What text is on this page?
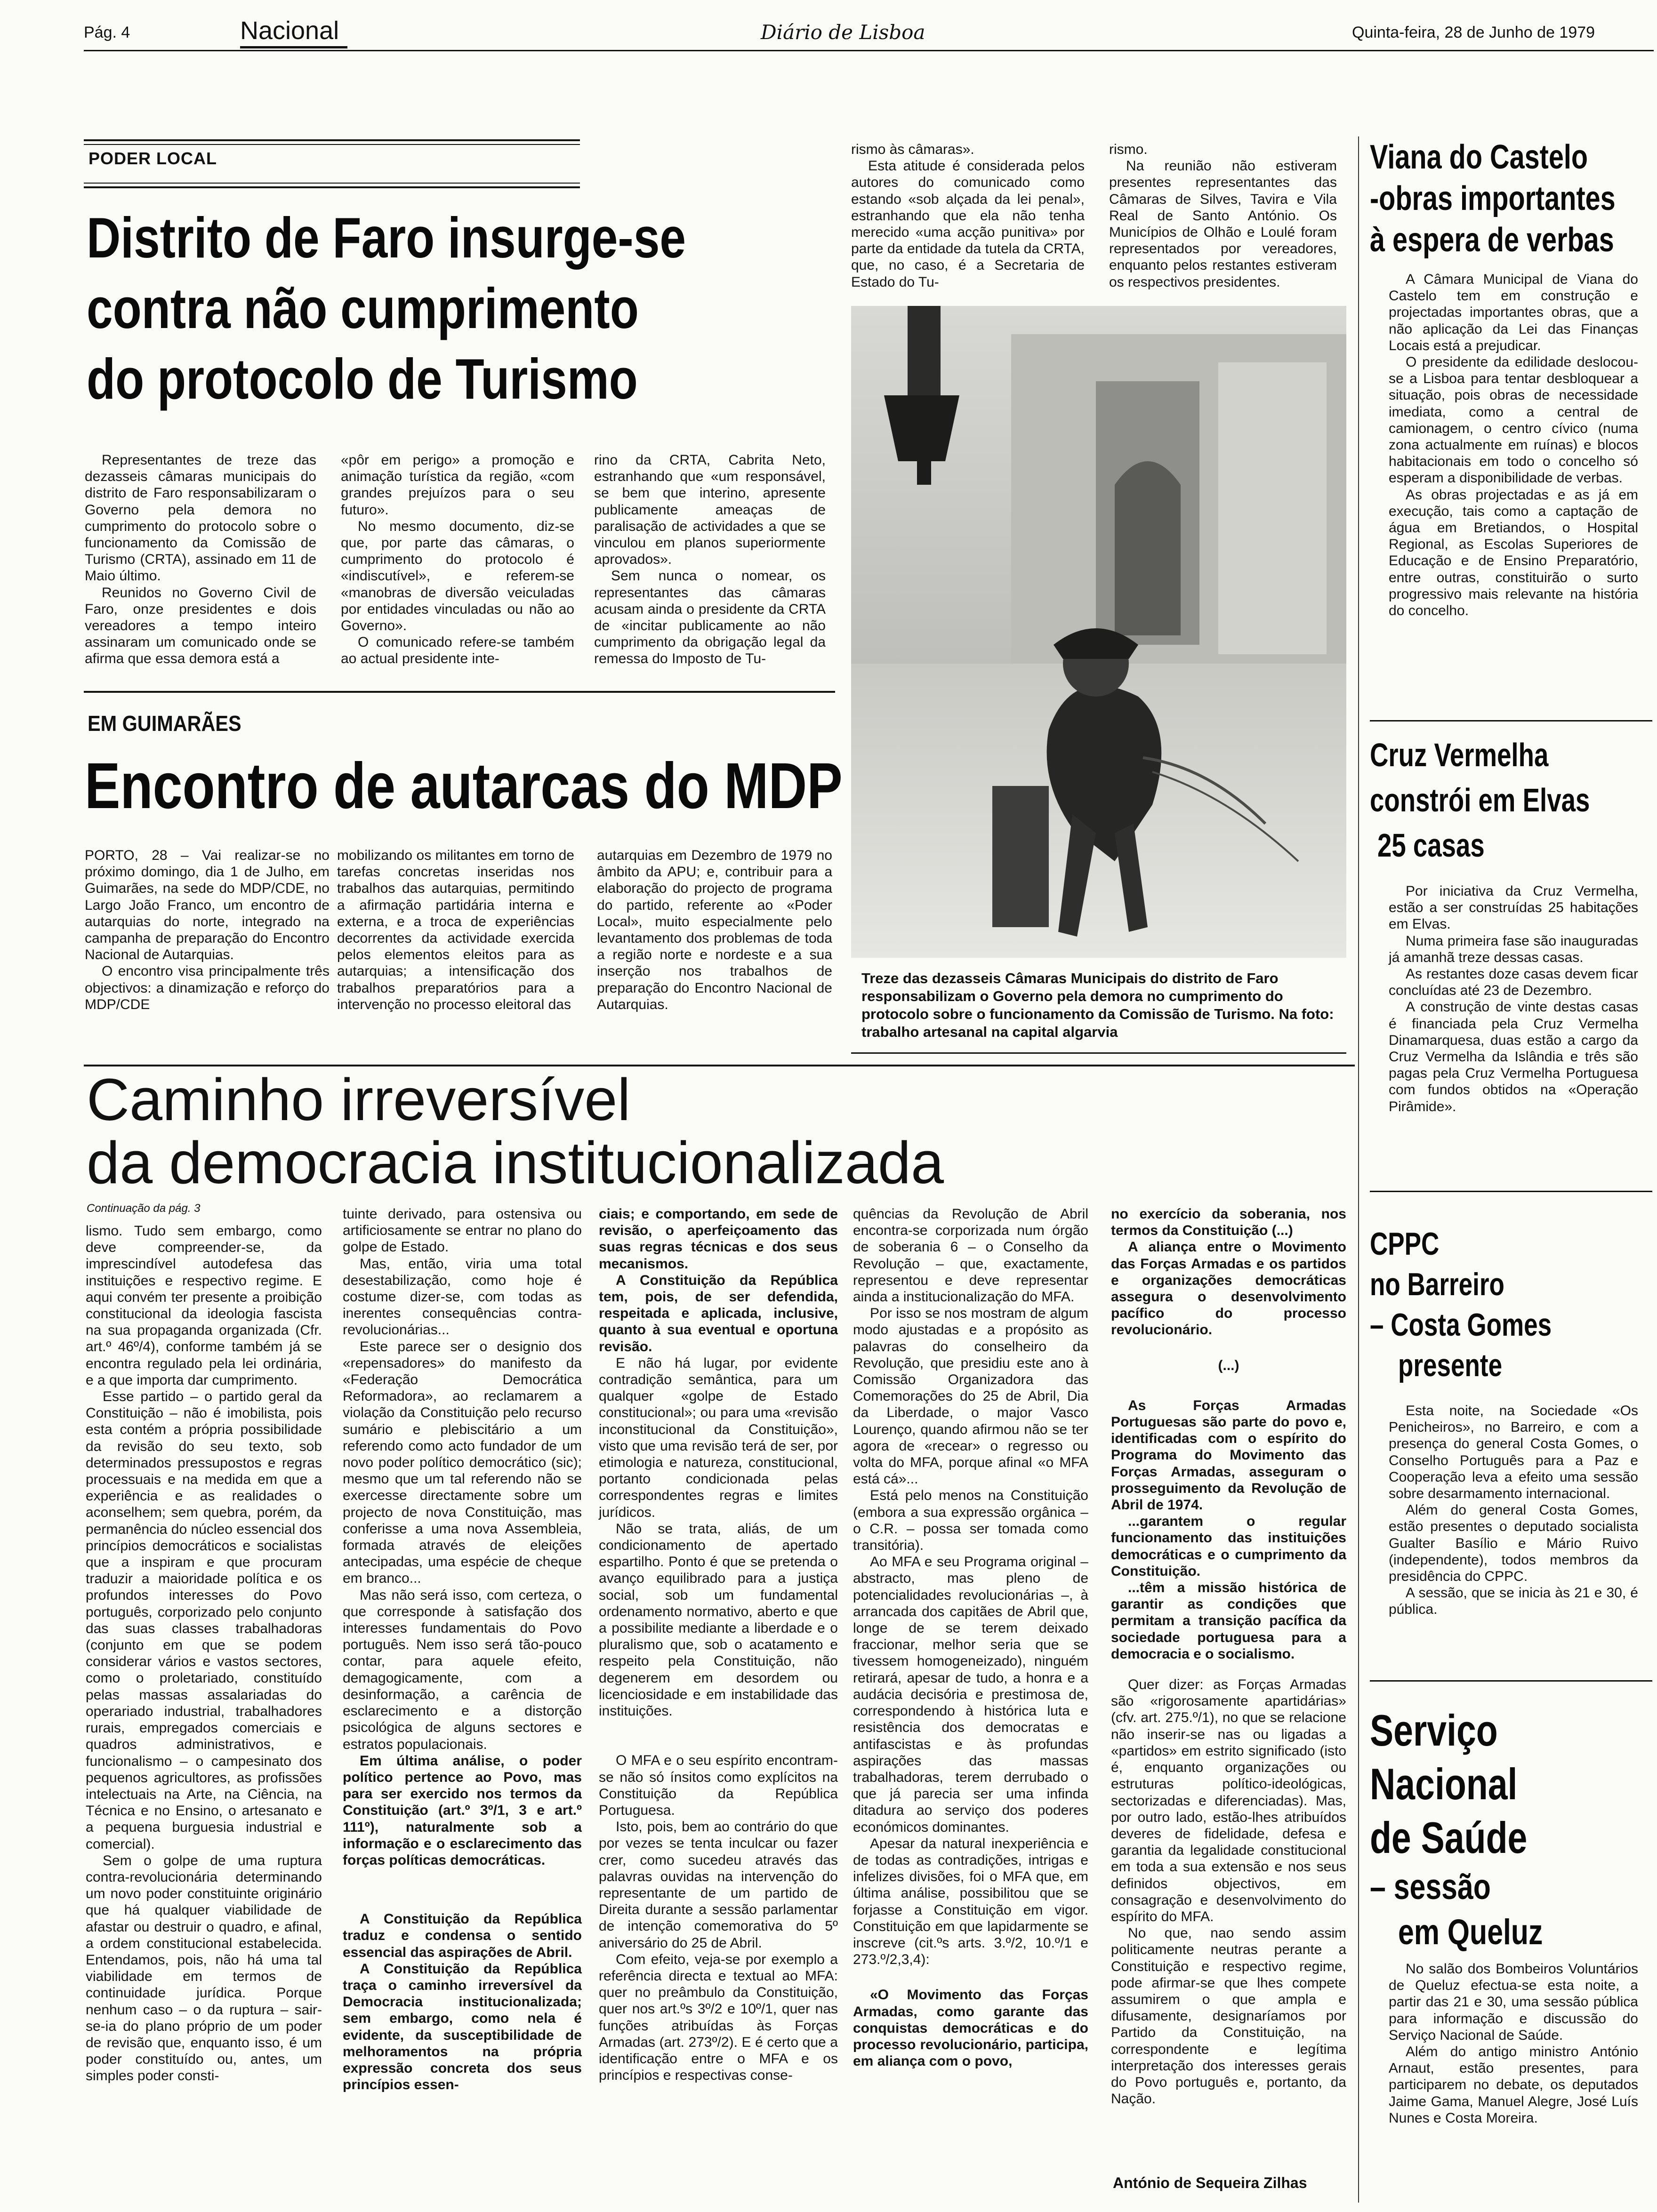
Pág. 4	Nacional	Diário de Lisboa	Quinta-feira, 28 de Junho de 1979
PODER LOCAL
Distrito de Faro insurge-se
contra não cumprimento
do protocolo de Turismo

Representantes de treze das dezasseis câmaras municipais do distrito de Faro responsabilizaram o Governo pela demora no cumprimento do protocolo sobre o funcionamento da Comissão de Turismo (CRTA), assinado em 11 de Maio último.

Reunidos no Governo Civil de Faro, onze presidentes e dois vereadores a tempo inteiro assinaram um comunicado onde se afirma que essa demora está a

«pôr em perigo» a promoção e animação turística da região, «com grandes prejuízos para o seu futuro».

No mesmo documento, diz-se que, por parte das câmaras, o cumprimento do protocolo é «indiscutível», e referem-se «manobras de diversão veiculadas por entidades vinculadas ou não ao Governo».

O comunicado refere-se também ao actual presidente inte-

rino da CRTA, Cabrita Neto, estranhando que «um responsável, se bem que interino, apresente publicamente ameaças de paralisação de actividades a que se vinculou em planos superiormente aprovados».

Sem nunca o nomear, os representantes das câmaras acusam ainda o presidente da CRTA de «incitar publicamente ao não cumprimento da obrigação legal da remessa do Imposto de Tu-

rismo às câmaras».

Esta atitude é considerada pelos autores do comunicado como estando «sob alçada da lei penal», estranhando que ela não tenha merecido «uma acção punitiva» por parte da entidade da tutela da CRTA, que, no caso, é a Secretaria de Estado do Tu-

rismo.

Na reunião não estiveram presentes representantes das Câmaras de Silves, Tavira e Vila Real de Santo António. Os Municípios de Olhão e Loulé foram representados por vereadores, enquanto pelos restantes estiveram os respectivos presidentes.

Treze das dezasseis Câmaras Municipais do distrito de Faro responsabilizam o Governo pela demora no cumprimento do protocolo sobre o funcionamento da Comissão de Turismo. Na foto: trabalho artesanal na capital algarvia
EM GUIMARÃES
Encontro de autarcas do MDP

PORTO, 28 – Vai realizar-se no próximo domingo, dia 1 de Julho, em Guimarães, na sede do MDP/CDE, no Largo João Franco, um encontro de autarquias do norte, integrado na campanha de preparação do Encontro Nacional de Autarquias.

O encontro visa principalmente três objectivos: a dinamização e reforço do MDP/CDE

mobilizando os militantes em torno de tarefas concretas inseridas nos trabalhos das autarquias, permitindo a afirmação partidária interna e externa, e a troca de experiências decorrentes da actividade exercida pelos elementos eleitos para as autarquias; a intensificação dos trabalhos preparatórios para a intervenção no processo eleitoral das

autarquias em Dezembro de 1979 no âmbito da APU; e, contribuir para a elaboração do projecto de programa do partido, referente ao «Poder Local», muito especialmente pelo levantamento dos problemas de toda a região norte e nordeste e a sua inserção nos trabalhos de preparação do Encontro Nacional de Autarquias.

Caminho irreversível
da democracia institucionalizada
Continuação da pág. 3

lismo. Tudo sem embargo, como deve compreender-se, da imprescindível autodefesa das instituições e respectivo regime. E aqui convém ter presente a proibição constitucional da ideologia fascista na sua propaganda organizada (Cfr. art.º 46º/4), conforme também já se encontra regulado pela lei ordinária, e a que importa dar cumprimento.

Esse partido – o partido geral da Constituição – não é imobilista, pois esta contém a própria possibilidade da revisão do seu texto, sob determinados pressupostos e regras processuais e na medida em que a experiência e as realidades o aconselhem; sem quebra, porém, da permanência do núcleo essencial dos princípios democráticos e socialistas que a inspiram e que procuram traduzir a maioridade política e os profundos interesses do Povo português, corporizado pelo conjunto das suas classes trabalhadoras (conjunto em que se podem considerar vários e vastos sectores, como o proletariado, constituído pelas massas assalariadas do operariado industrial, trabalhadores rurais, empregados comerciais e quadros administrativos, e funcionalismo – o campesinato dos pequenos agricultores, as profissões intelectuais na Arte, na Ciência, na Técnica e no Ensino, o artesanato e a pequena burguesia industrial e comercial).

Sem o golpe de uma ruptura contra-revolucionária determinando um novo poder constituinte originário que há qualquer viabilidade de afastar ou destruir o quadro, e afinal, a ordem constitucional estabelecida. Entendamos, pois, não há uma tal viabilidade em termos de continuidade jurídica. Porque nenhum caso – o da ruptura – sair-se-ia do plano próprio de um poder de revisão que, enquanto isso, é um poder constituído ou, antes, um simples poder consti-

tuinte derivado, para ostensiva ou artificiosamente se entrar no plano do golpe de Estado.

Mas, então, viria uma total desestabilização, como hoje é costume dizer-se, com todas as inerentes consequências contra-revolucionárias...

Este parece ser o designio dos «repensadores» do manifesto da «Federação Democrática Reformadora», ao reclamarem a violação da Constituição pelo recurso sumário e plebiscitário a um referendo como acto fundador de um novo poder político democrático (sic); mesmo que um tal referendo não se exercesse directamente sobre um projecto de nova Constituição, mas conferisse a uma nova Assembleia, formada através de eleições antecipadas, uma espécie de cheque em branco...

Mas não será isso, com certeza, o que corresponde à satisfação dos interesses fundamentais do Povo português. Nem isso será tão-pouco contar, para aquele efeito, demagogicamente, com a desinformação, a carência de esclarecimento e a distorção psicológica de alguns sectores e estratos populacionais.

Em última análise, o poder político pertence ao Povo, mas para ser exercido nos termos da Constituição (art.º 3º/1, 3 e art.º 111º), naturalmente sob a informação e o esclarecimento das forças políticas democráticas.

A Constituição da República traduz e condensa o sentido essencial das aspirações de Abril.

A Constituição da República traça o caminho irreversível da Democracia institucionalizada; sem embargo, como nela é evidente, da susceptibilidade de melhoramentos na própria expressão concreta dos seus princípios essen-

ciais; e comportando, em sede de revisão, o aperfeiçoamento das suas regras técnicas e dos seus mecanismos.

A Constituição da República tem, pois, de ser defendida, respeitada e aplicada, inclusive, quanto à sua eventual e oportuna revisão.

E não há lugar, por evidente contradição semântica, para um qualquer «golpe de Estado constitucional»; ou para uma «revisão inconstitucional da Constituição», visto que uma revisão terá de ser, por etimologia e natureza, constitucional, portanto condicionada pelas correspondentes regras e limites jurídicos.

Não se trata, aliás, de um condicionamento de apertado espartilho. Ponto é que se pretenda o avanço equilibrado para a justiça social, sob um fundamental ordenamento normativo, aberto e que a possibilite mediante a liberdade e o pluralismo que, sob o acatamento e respeito pela Constituição, não degenerem em desordem ou licenciosidade e em instabilidade das instituições.

O MFA e o seu espírito encontram-se não só ínsitos como explícitos na Constituição da República Portuguesa.

Isto, pois, bem ao contrário do que por vezes se tenta inculcar ou fazer crer, como sucedeu através das palavras ouvidas na intervenção do representante de um partido de Direita durante a sessão parlamentar de intenção comemorativa do 5º aniversário do 25 de Abril.

Com efeito, veja-se por exemplo a referência directa e textual ao MFA: quer no preâmbulo da Constituição, quer nos art.ºs 3º/2 e 10º/1, quer nas funções atribuídas às Forças Armadas (art. 273º/2). E é certo que a identificação entre o MFA e os princípios e respectivas conse-

quências da Revolução de Abril encontra-se corporizada num órgão de soberania 6 – o Conselho da Revolução – que, exactamente, representou e deve representar ainda a institucionalização do MFA.

Por isso se nos mostram de algum modo ajustadas e a propósito as palavras do conselheiro da Revolução, que presidiu este ano à Comissão Organizadora das Comemorações do 25 de Abril, Dia da Liberdade, o major Vasco Lourenço, quando afirmou não se ter agora de «recear» o regresso ou volta do MFA, porque afinal «o MFA está cá»...

Está pelo menos na Constituição (embora a sua expressão orgânica – o C.R. – possa ser tomada como transitória).

Ao MFA e seu Programa original – abstracto, mas pleno de potencialidades revolucionárias –, à arrancada dos capitães de Abril que, longe de se terem deixado fraccionar, melhor seria que se tivessem homogeneizado), ninguém retirará, apesar de tudo, a honra e a audácia decisória e prestimosa de, correspondendo à histórica luta e resistência dos democratas e antifascistas e às profundas aspirações das massas trabalhadoras, terem derrubado o que já parecia ser uma infinda ditadura ao serviço dos poderes económicos dominantes.

Apesar da natural inexperiência e de todas as contradições, intrigas e infelizes divisões, foi o MFA que, em última análise, possibilitou que se forjasse a Constituição em vigor. Constituição em que lapidarmente se inscreve (cit.ºs arts. 3.º/2, 10.º/1 e 273.º/2,3,4):

«O Movimento das Forças Armadas, como garante das conquistas democráticas e do processo revolucionário, participa, em aliança com o povo,

no exercício da soberania, nos termos da Constituição (...)

A aliança entre o Movimento das Forças Armadas e os partidos e organizações democráticas assegura o desenvolvimento pacífico do processo revolucionário.

(...)

As Forças Armadas Portuguesas são parte do povo e, identificadas com o espírito do Programa do Movimento das Forças Armadas, asseguram o prosseguimento da Revolução de Abril de 1974.

...garantem o regular funcionamento das instituições democráticas e o cumprimento da Constituição.

...têm a missão histórica de garantir as condições que permitam a transição pacífica da sociedade portuguesa para a democracia e o socialismo.

Quer dizer: as Forças Armadas são «rigorosamente apartidárias» (cfv. art. 275.º/1), no que se relacione não inserir-se nas ou ligadas a «partidos» em estrito significado (isto é, enquanto organizações ou estruturas político-ideológicas, sectorizadas e diferenciadas). Mas, por outro lado, estão-lhes atribuídos deveres de fidelidade, defesa e garantia da legalidade constitucional em toda a sua extensão e nos seus definidos objectivos, em consagração e desenvolvimento do espírito do MFA.

No que, nao sendo assim politicamente neutras perante a Constituição e respectivo regime, pode afirmar-se que lhes compete assumirem o que ampla e difusamente, designaríamos por Partido da Constituição, na correspondente e legítima interpretação dos interesses gerais do Povo português e, portanto, da Nação.

António de Sequeira Zilhas
Viana do Castelo
-obras importantes
à espera de verbas

A Câmara Municipal de Viana do Castelo tem em construção e projectadas importantes obras, que a não aplicação da Lei das Finanças Locais está a prejudicar.

O presidente da edilidade deslocou-se a Lisboa para tentar desbloquear a situação, pois obras de necessidade imediata, como a central de camionagem, o centro cívico (numa zona actualmente em ruínas) e blocos habitacionais em todo o concelho só esperam a disponibilidade de verbas.

As obras projectadas e as já em execução, tais como a captação de água em Bretiandos, o Hospital Regional, as Escolas Superiores de Educação e de Ensino Preparatório, entre outras, constituirão o surto progressivo mais relevante na história do concelho.

Cruz Vermelha
constrói em Elvas
25 casas

Por iniciativa da Cruz Vermelha, estão a ser construídas 25 habitações em Elvas.

Numa primeira fase são inauguradas já amanhã treze dessas casas.

As restantes doze casas devem ficar concluídas até 23 de Dezembro.

A construção de vinte destas casas é financiada pela Cruz Vermelha Dinamarquesa, duas estão a cargo da Cruz Vermelha da Islândia e três são pagas pela Cruz Vermelha Portuguesa com fundos obtidos na «Operação Pirâmide».

CPPC
no Barreiro
– Costa Gomes
presente

Esta noite, na Sociedade «Os Penicheiros», no Barreiro, e com a presença do general Costa Gomes, o Conselho Português para a Paz e Cooperação leva a efeito uma sessão sobre desarmamento internacional.

Além do general Costa Gomes, estão presentes o deputado socialista Gualter Basílio e Mário Ruivo (independente), todos membros da presidência do CPPC.

A sessão, que se inicia às 21 e 30, é pública.

Serviço
Nacional
de Saúde
– sessão
em Queluz

No salão dos Bombeiros Voluntários de Queluz efectua-se esta noite, a partir das 21 e 30, uma sessão pública para informação e discussão do Serviço Nacional de Saúde.

Além do antigo ministro António Arnaut, estão presentes, para participarem no debate, os deputados Jaime Gama, Manuel Alegre, José Luís Nunes e Costa Moreira.
